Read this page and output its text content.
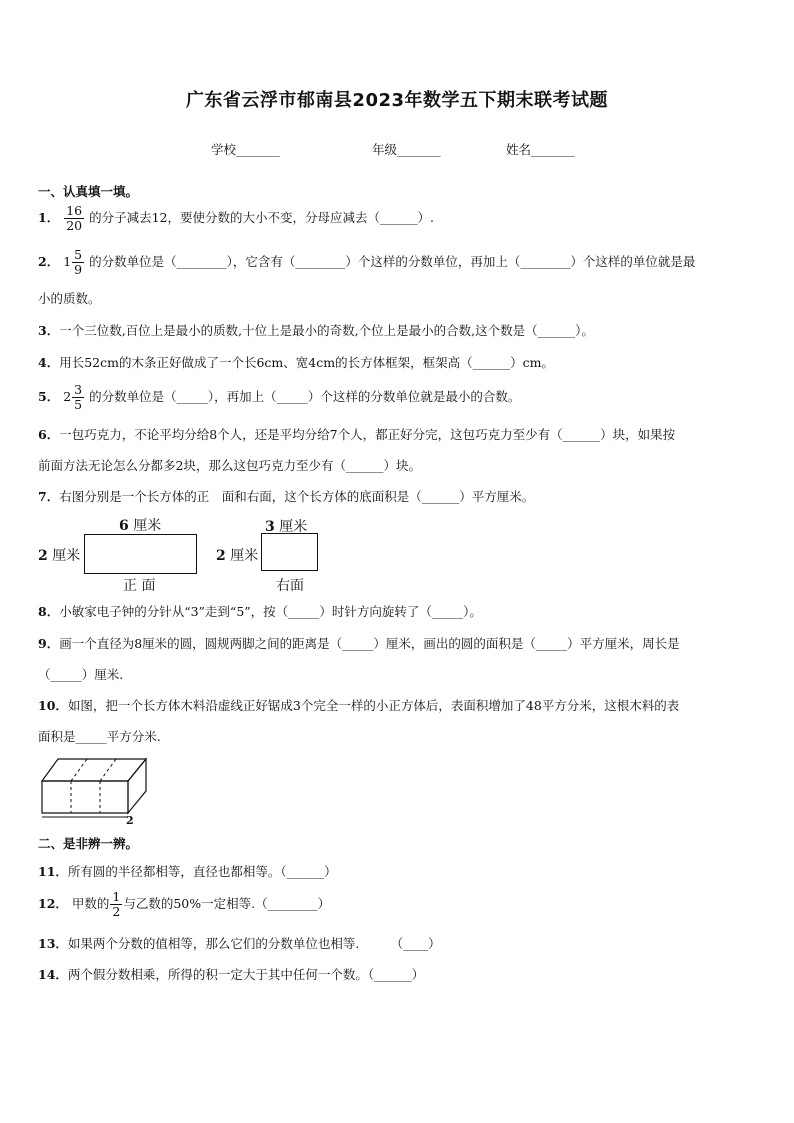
广东省云浮市郁南县2023年数学五下期末联考试题
学校_______	年级_______	姓名_______
一、认真填一填。
1． $\frac{16}{20}$ 的分子减去12，要使分数的大小不变，分母应减去（______）.
2． $1 \frac{5}{9}$ 的分数单位是（________），它含有（________）个这样的分数单位，再加上（________）个这样的单位就是最
小的质数。
3．一个三位数,百位上是最小的质数,十位上是最小的奇数,个位上是最小的合数,这个数是（______）。
4．用长52cm的木条正好做成了一个长6cm、宽4cm的长方体框架，框架高（______）cm。
5． $2 \frac{3}{5}$ 的分数单位是（_____），再加上（_____）个这样的分数单位就是最小的合数。
6．一包巧克力，不论平均分给8个人，还是平均分给7个人，都正好分完，这包巧克力至少有（______）块，如果按
前面方法无论怎么分都多2块，那么这包巧克力至少有（______）块。
7．右图分别是一个长方体的正　面和右面，这个长方体的底面积是（______）平方厘米。
6 厘米
2 厘米
正 面
3 厘米
2 厘米
右面
8．小敏家电子钟的分针从“3”走到“5”，按（_____）时针方向旋转了（_____）。
9．画一个直径为8厘米的圆，圆规两脚之间的距离是（_____）厘米，画出的圆的面积是（_____）平方厘米，周长是
（_____）厘米.
10．如图，把一个长方体木料沿虚线正好锯成3个完全一样的小正方体后，表面积增加了48平方分米，这根木料的表
面积是_____平方分米.
2
二、是非辨一辨。
11．所有圆的半径都相等，直径也都相等。（______）
12． 甲数的 $\frac{1}{2}$ 与乙数的50%一定相等.（________）
13．如果两个分数的值相等，那么它们的分数单位也相等.　　　（____）
14．两个假分数相乘，所得的积一定大于其中任何一个数。（______）
